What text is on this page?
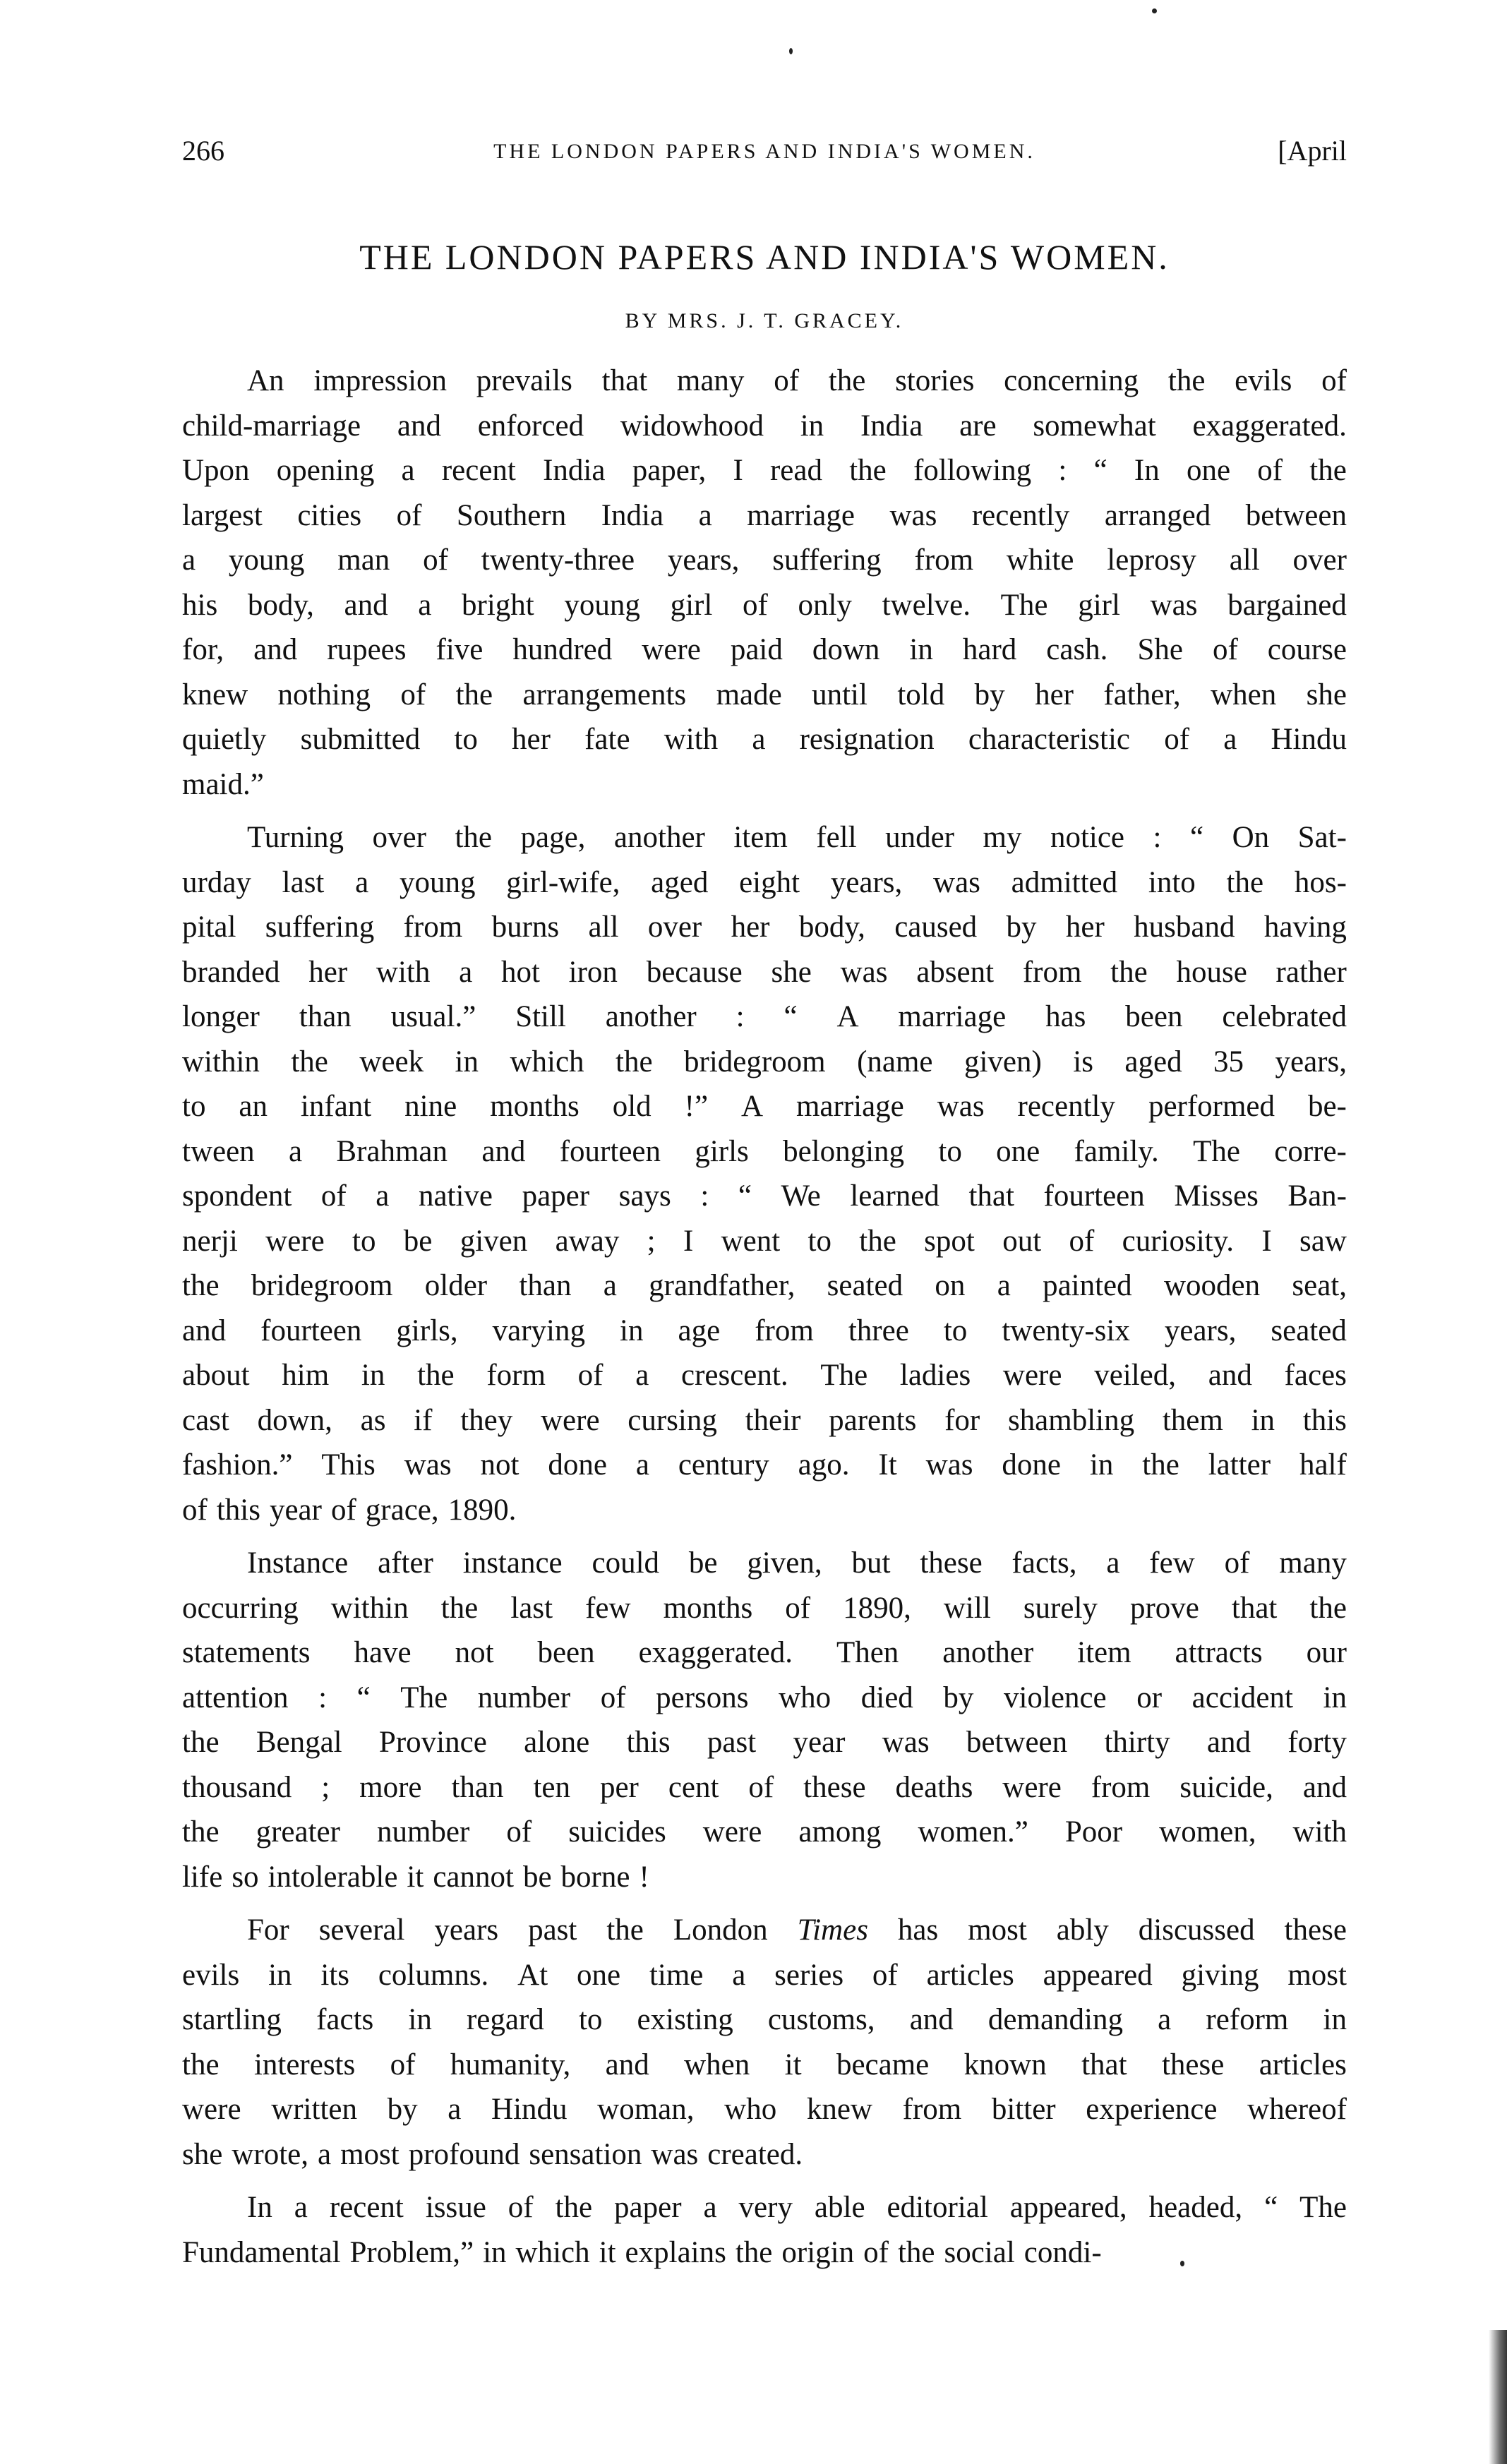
266	THE LONDON PAPERS AND INDIA'S WOMEN.	[April
THE LONDON PAPERS AND INDIA'S WOMEN.
BY MRS. J. T. GRACEY.
An impression prevails that many of the stories concerning the evils of
child-marriage and enforced widowhood in India are somewhat exaggerated.
Upon opening a recent India paper, I read the following : “ In one of the
largest cities of Southern India a marriage was recently arranged between
a young man of twenty-three years, suffering from white leprosy all over
his body, and a bright young girl of only twelve. The girl was bargained
for, and rupees five hundred were paid down in hard cash. She of course
knew nothing of the arrangements made until told by her father, when she
quietly submitted to her fate with a resignation characteristic of a Hindu
maid.”
Turning over the page, another item fell under my notice : “ On Sat-
urday last a young girl-wife, aged eight years, was admitted into the hos-
pital suffering from burns all over her body, caused by her husband having
branded her with a hot iron because she was absent from the house rather
longer than usual.” Still another : “ A marriage has been celebrated
within the week in which the bridegroom (name given) is aged 35 years,
to an infant nine months old !” A marriage was recently performed be-
tween a Brahman and fourteen girls belonging to one family. The corre-
spondent of a native paper says : “ We learned that fourteen Misses Ban-
nerji were to be given away ; I went to the spot out of curiosity. I saw
the bridegroom older than a grandfather, seated on a painted wooden seat,
and fourteen girls, varying in age from three to twenty-six years, seated
about him in the form of a crescent. The ladies were veiled, and faces
cast down, as if they were cursing their parents for shambling them in this
fashion.” This was not done a century ago. It was done in the latter half
of this year of grace, 1890.
Instance after instance could be given, but these facts, a few of many
occurring within the last few months of 1890, will surely prove that the
statements have not been exaggerated. Then another item attracts our
attention : “ The number of persons who died by violence or accident in
the Bengal Province alone this past year was between thirty and forty
thousand ; more than ten per cent of these deaths were from suicide, and
the greater number of suicides were among women.” Poor women, with
life so intolerable it cannot be borne !
For several years past the London Times has most ably discussed these
evils in its columns. At one time a series of articles appeared giving most
startling facts in regard to existing customs, and demanding a reform in
the interests of humanity, and when it became known that these articles
were written by a Hindu woman, who knew from bitter experience whereof
she wrote, a most profound sensation was created.
In a recent issue of the paper a very able editorial appeared, headed, “ The
Fundamental Problem,” in which it explains the origin of the social condi-
